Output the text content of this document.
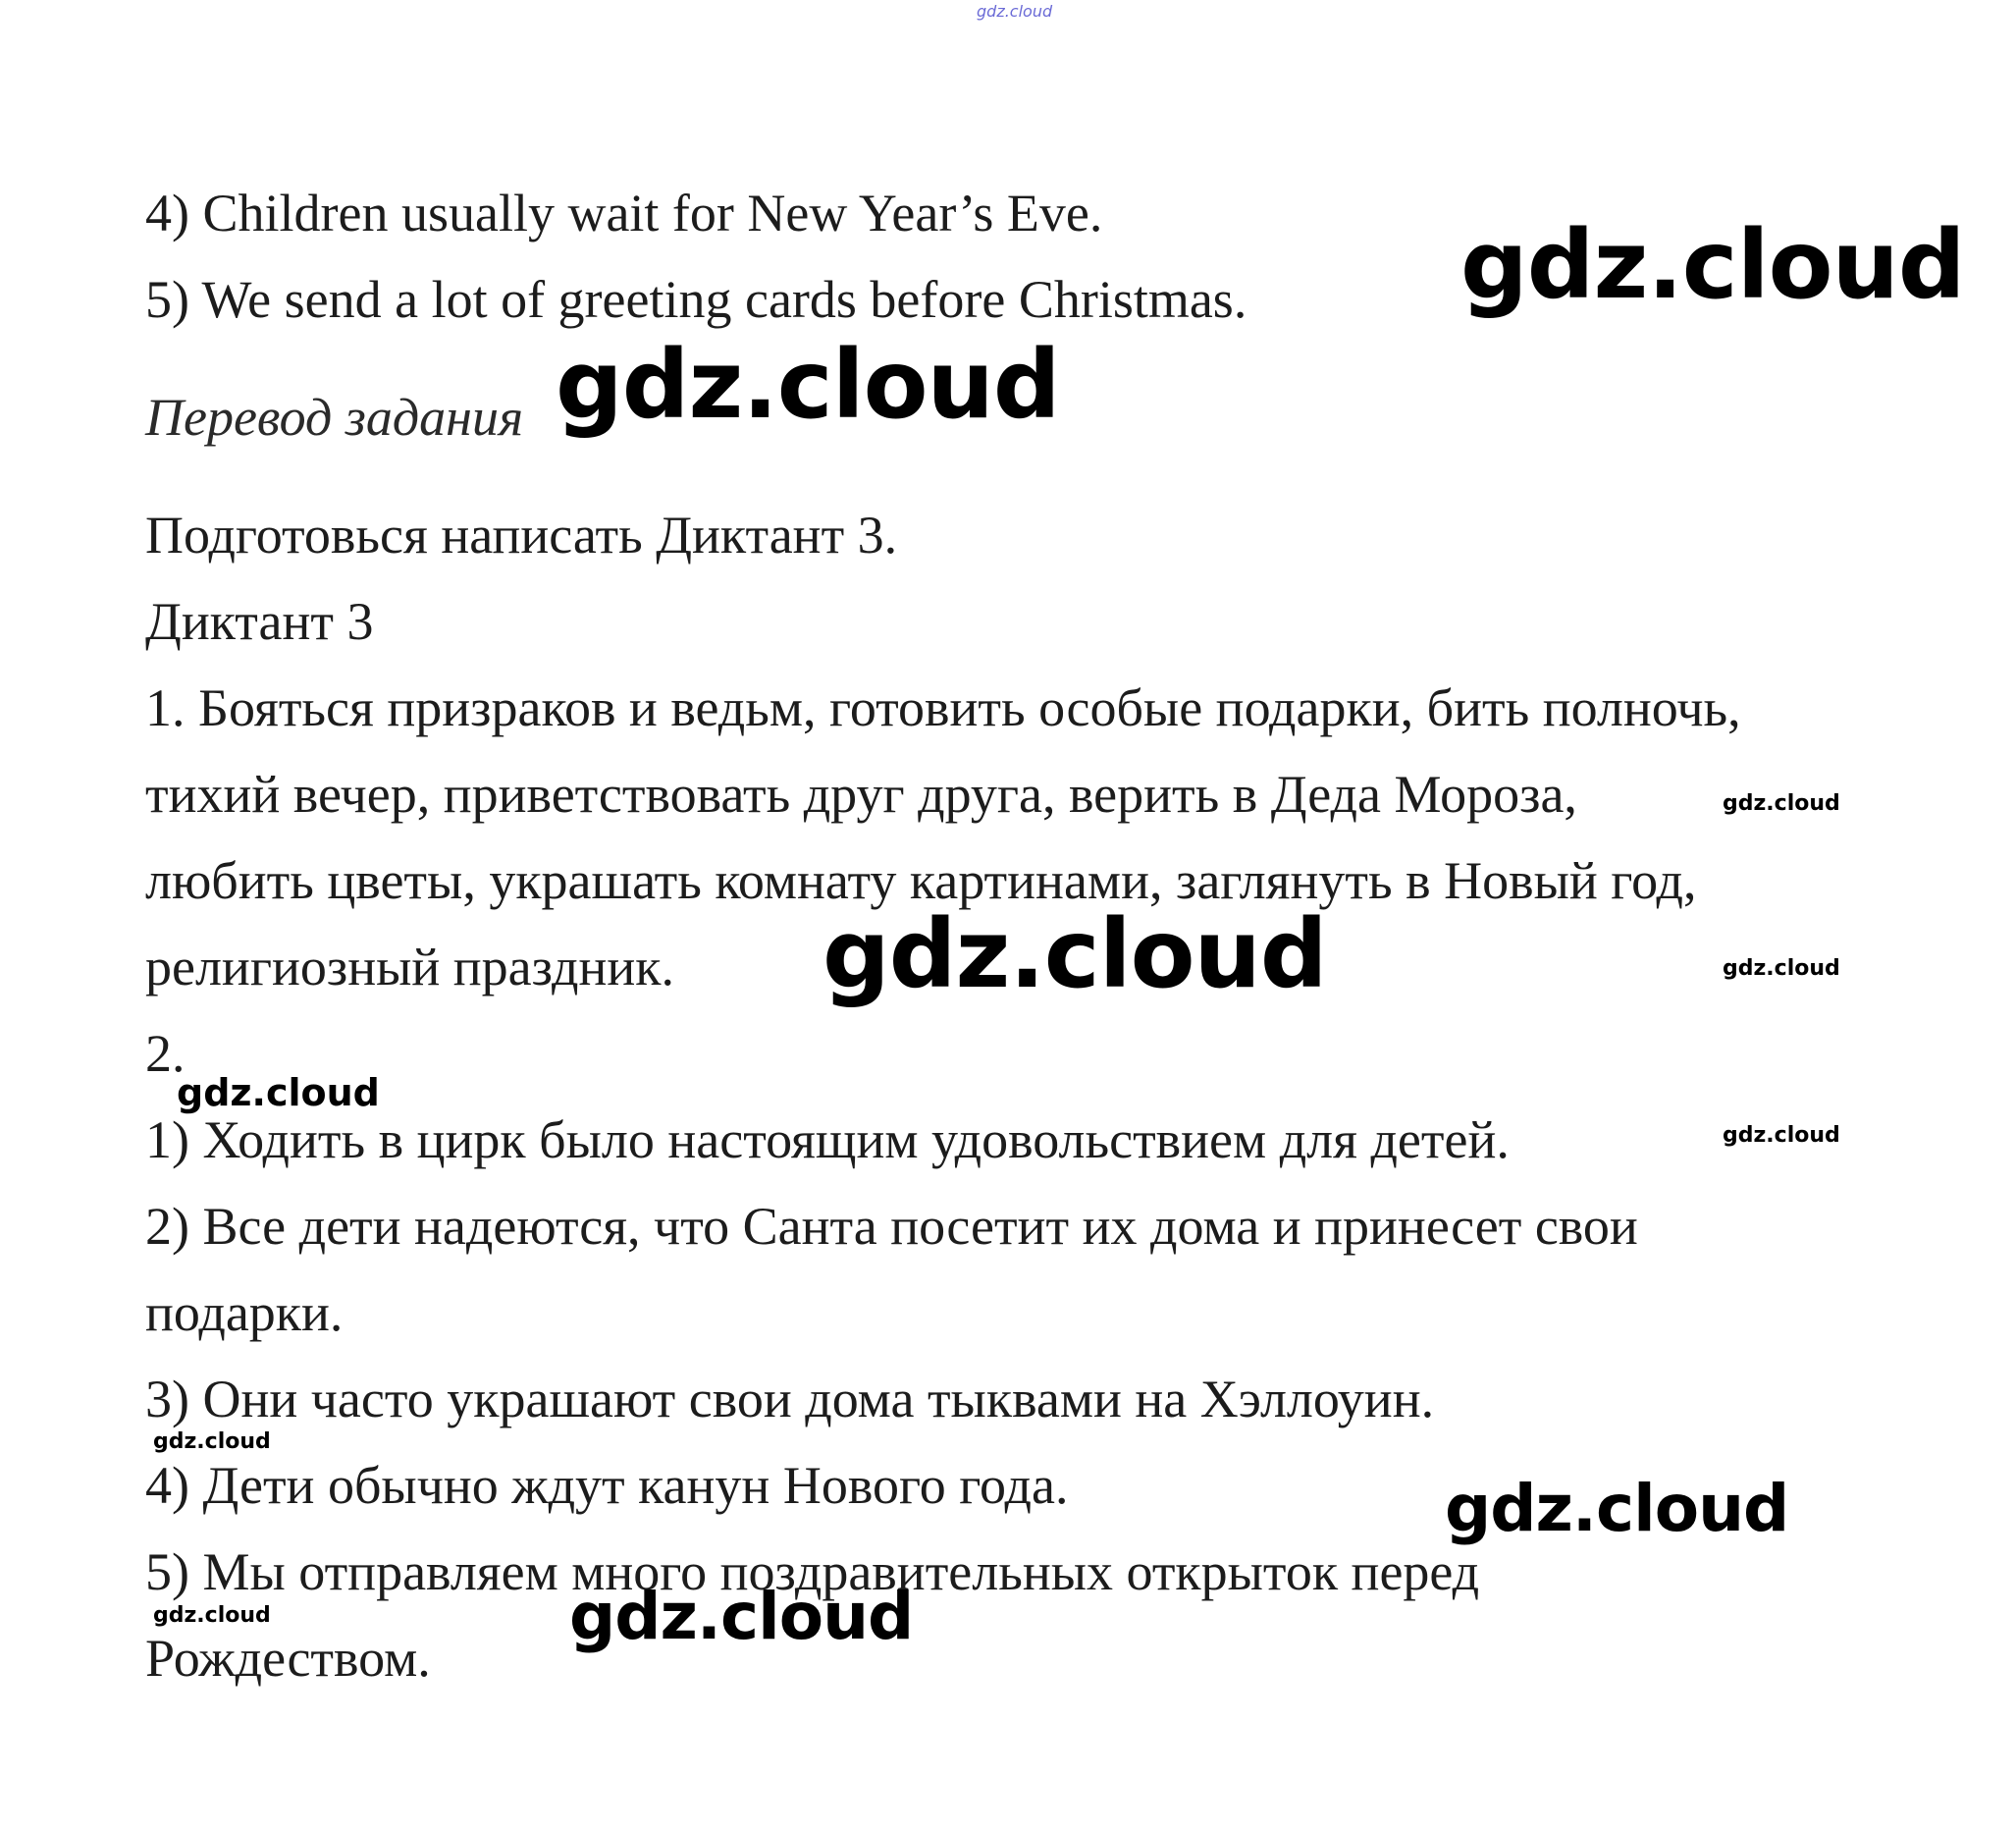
gdz.cloud
4) Children usually wait for New Year’s Eve.
5) We send a lot of greeting cards before Christmas.
Перевод задания
Подготовься написать Диктант 3.
Диктант 3
1. Бояться призраков и ведьм, готовить особые подарки, бить полночь,
тихий вечер, приветствовать друг друга, верить в Деда Мороза,
любить цветы, украшать комнату картинами, заглянуть в Новый год,
религиозный праздник.
2.
1) Ходить в цирк было настоящим удовольствием для детей.
2) Все дети надеются, что Санта посетит их дома и принесет свои
подарки.
3) Они часто украшают свои дома тыквами на Хэллоуин.
4) Дети обычно ждут канун Нового года.
5) Мы отправляем много поздравительных открыток перед
Рождеством.
gdz.cloud
gdz.cloud
gdz.cloud
gdz.cloud	gdz.cloud
gdz.cloud
gdz.cloud
gdz.cloud
gdz.cloud
gdz.cloud	gdz.cloud
